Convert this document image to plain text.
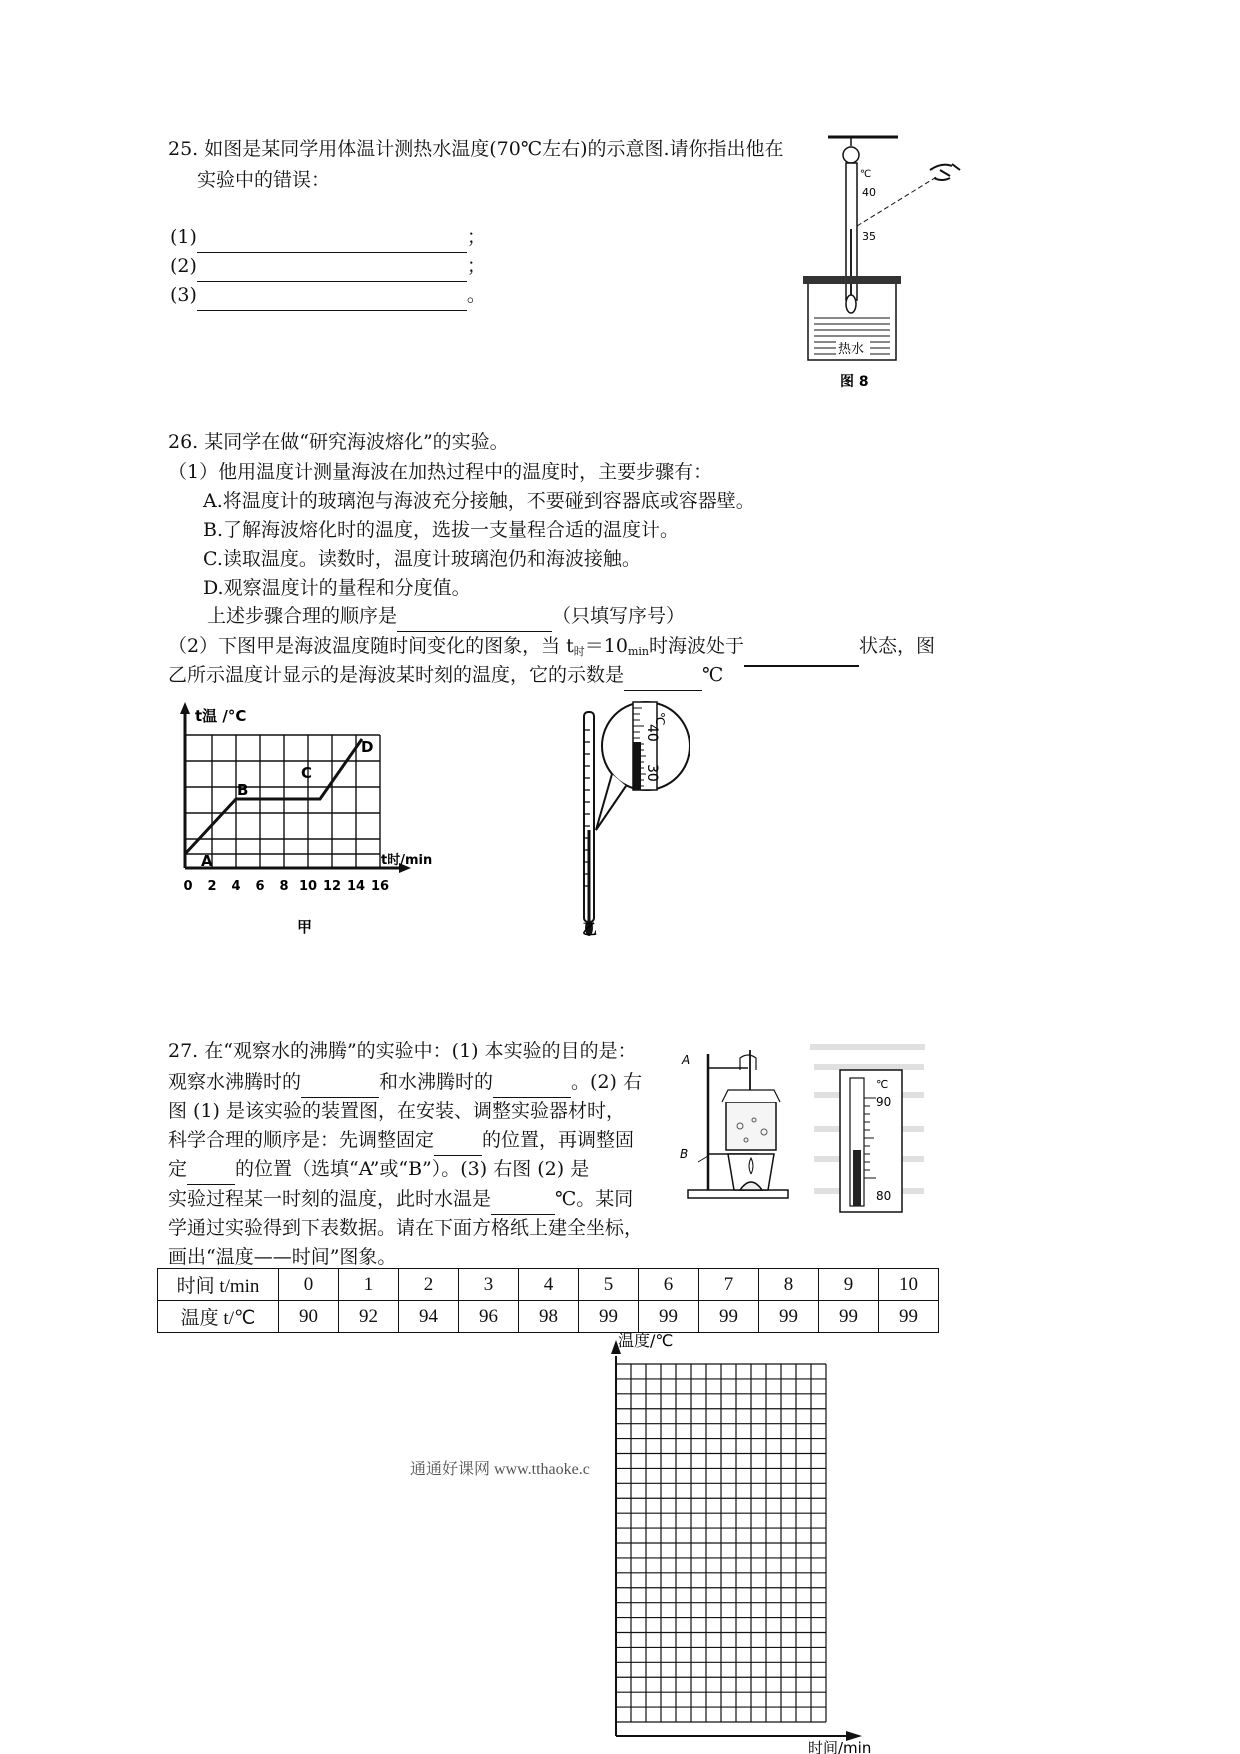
25. 如图是某同学用体温计测热水温度(70℃左右)的示意图.请你指出他在
实验中的错误：
(1)	；
(2)	；
(3)	。
℃
40
35
热水
图 8
26. 某同学在做“研究海波熔化”的实验。
（1）他用温度计测量海波在加热过程中的温度时，主要步骤有：
A.将温度计的玻璃泡与海波充分接触，不要碰到容器底或容器壁。
B.了解海波熔化时的温度，选拔一支量程合适的温度计。
C.读取温度。读数时，温度计玻璃泡仍和海波接触。
D.观察温度计的量程和分度值。
上述步骤合理的顺序是	（只填写序号）
（2）下图甲是海波温度随时间变化的图象，当 $t_时=10_{min}$时海波处于	状态，图
乙所示温度计显示的是海波某时刻的温度，它的示数是	℃
A
B
C
D
t温 /°C
t时/min
0 2 4 6 8 10 12 14 16
甲
℃
40
30
乙
27. 在“观察水的沸腾”的实验中：(1) 本实验的目的是：
观察水沸腾时的	和水沸腾时的	。(2) 右
图 (1) 是该实验的装置图，在安装、调整实验器材时，
科学合理的顺序是：先调整固定	的位置，再调整固
定	的位置（选填“A”或“B”）。(3) 右图 (2) 是
实验过程某一时刻的温度，此时水温是	℃。某同
学通过实验得到下表数据。请在下面方格纸上建全坐标，
画出“温度——时间”图象。
A
B
℃
90
80
时间 t/min	0	1	2	3	4	5	6	7	8	9	10
温度 t/℃	90	92	94	96	98	99	99	99	99	99	99
温度/℃
时间/min
通通好课网 www.tthaoke.c
